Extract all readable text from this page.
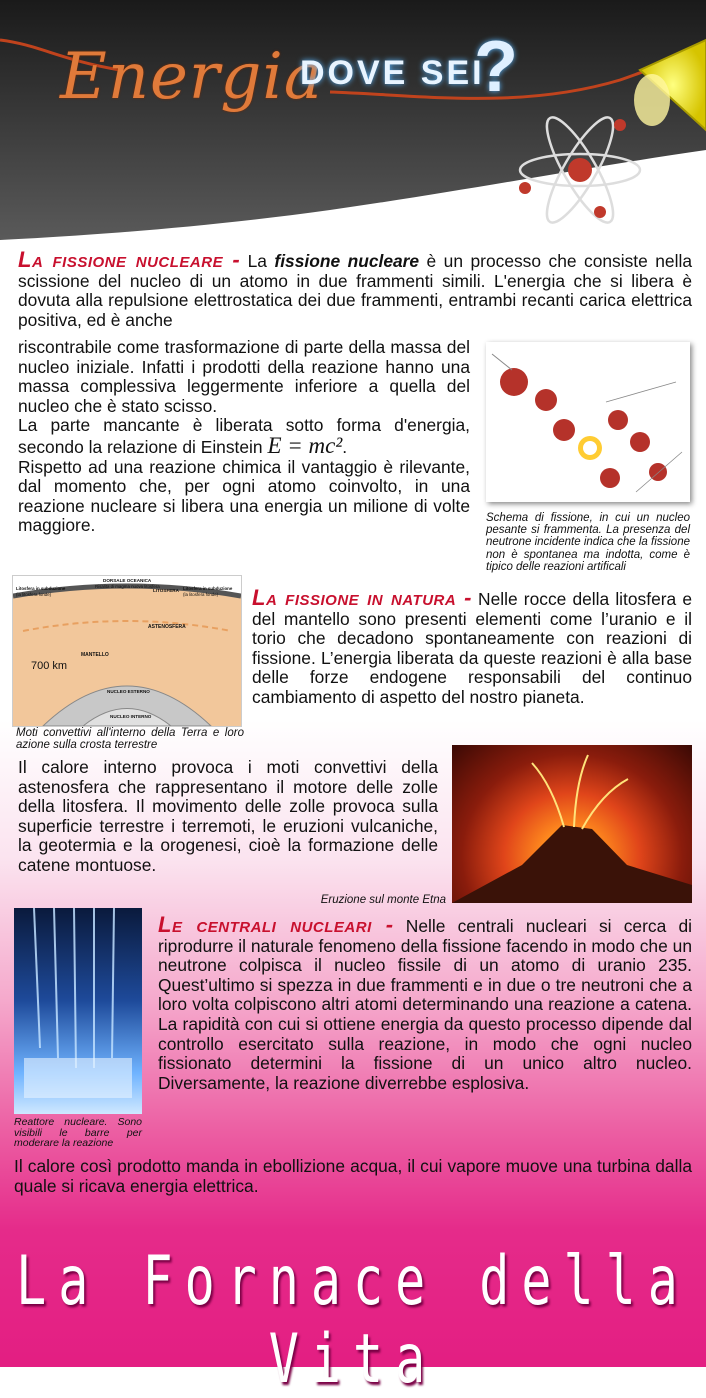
Energia
DOVE SEI
?
La fissione nucleare - La fissione nucleare è un processo che consiste nella scissione del nucleo di un atomo in due frammenti simili. L'energia che si libera è dovuta alla repulsione elettrostatica dei due frammenti, entrambi recanti carica elettrica positiva, ed è anche
riscontrabile come trasformazione di parte della massa del nucleo iniziale. Infatti i prodotti della reazione hanno una massa complessiva leggermente inferiore a quella del nucleo che è stato scisso.
La parte mancante è liberata sotto forma d'energia, secondo la relazione di Einstein E = mc².
Rispetto ad una reazione chimica il vantaggio è rilevante, dal momento che, per ogni atomo coinvolto, in una reazione nucleare si libera una energia un milione di volte maggiore.	Schema di fissione, in cui un nucleo pesante si frammenta. La presenza del neutrone incidente indica che la fissione non è spontanea ma indotta, come è tipico delle reazioni artificali
DORSALE OCEANICA
Risalita di magma nuova litosfera
Litosfera in subduzione
(la litosfera fonde)
LITOSFERA Litosfera in subduzione
(la litosfera fonde)
ASTENOSFERA
MANTELLO
700 km
NUCLEO ESTERNO
NUCLEO INTERNO
Moti convettivi all'interno della Terra e loro azione sulla crosta terrestre
La fissione in natura - Nelle rocce della litosfera e del mantello sono presenti elementi come l’uranio e il torio che decadono spontaneamente con reazioni di fissione. L’energia liberata da queste reazioni è alla base delle forze endogene responsabili del continuo cambiamento di aspetto del nostro pianeta.
Il calore interno provoca i moti convettivi della astenosfera che rappresentano il motore delle zolle della litosfera. Il movimento delle zolle provoca sulla superficie terrestre i terremoti, le eruzioni vulcaniche, la geotermia e la orogenesi, cioè la formazione delle catene montuose.
Eruzione sul monte Etna
Reattore nucleare. Sono visibili le barre per moderare la reazione
Le centrali nucleari - Nelle centrali nucleari si cerca di riprodurre il naturale fenomeno della fissione facendo in modo che un neutrone colpisca il nucleo fissile di un atomo di uranio 235. Quest’ultimo si spezza in due frammenti e in due o tre neutroni che a loro volta colpiscono altri atomi determinando una reazione a catena. La rapidità con cui si ottiene energia da questo processo dipende dal controllo esercitato sulla reazione, in modo che ogni nucleo fissionato determini la fissione di un unico altro nucleo. Diversamente, la reazione diverrebbe esplosiva.
Il calore così prodotto manda in ebollizione acqua, il cui vapore muove una turbina dalla quale si ricava energia elettrica.
La Fornace della Vita
